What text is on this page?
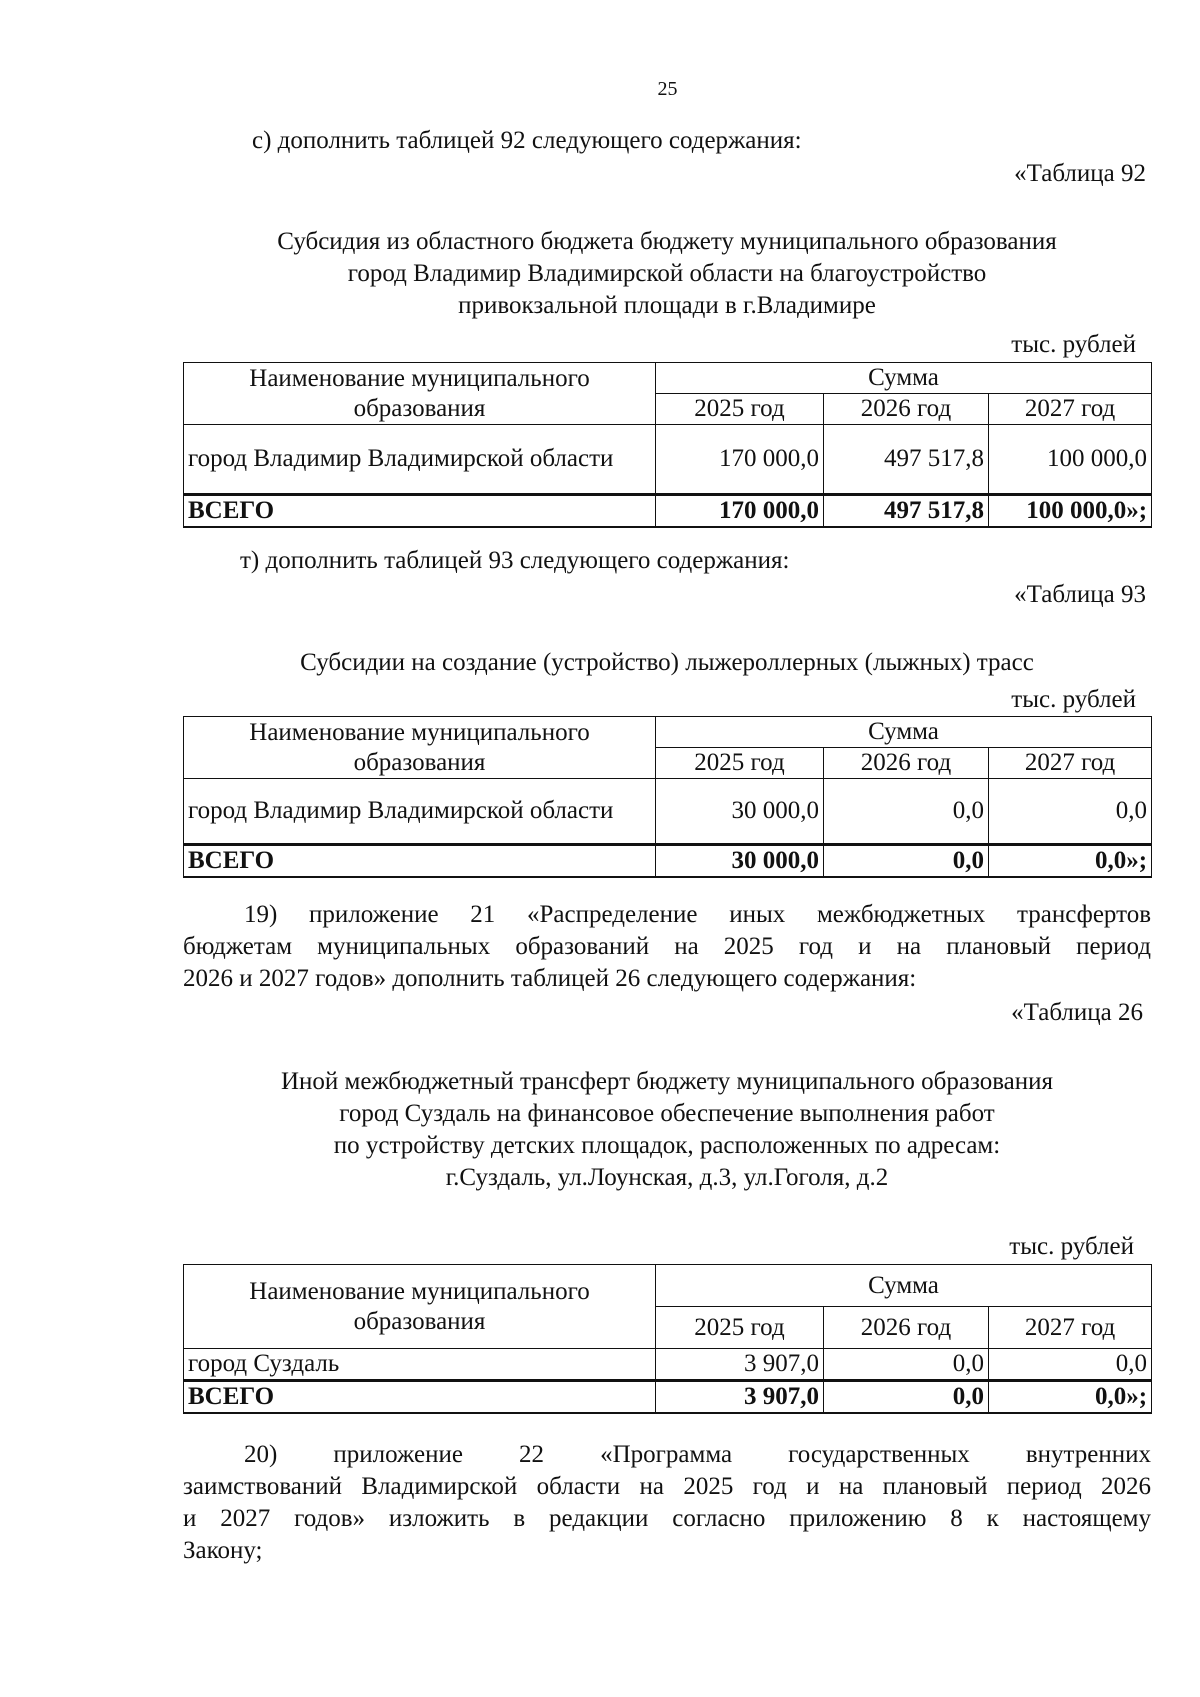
25
с) дополнить таблицей 92 следующего содержания:
«Таблица 92
Субсидия из областного бюджета бюджету муниципального образования
город Владимир Владимирской области на благоустройство
привокзальной площади в г.Владимире
тыс. рублей
Наименование муниципального образования	Сумма		
	2025 год	2026 год	2027 год
город Владимир Владимирской области	170 000,0	497 517,8	100 000,0
ВСЕГО	170 000,0	497 517,8	100 000,0»;
т) дополнить таблицей 93 следующего содержания:
«Таблица 93
Субсидии на создание (устройство) лыжероллерных (лыжных) трасс
тыс. рублей
Наименование муниципального образования	Сумма		
	2025 год	2026 год	2027 год
город Владимир Владимирской области	30 000,0	0,0	0,0
ВСЕГО	30 000,0	0,0	0,0»;
19) приложение 21 «Распределение иных межбюджетных трансфертов
бюджетам муниципальных образований на 2025 год и на плановый период
2026 и 2027 годов» дополнить таблицей 26 следующего содержания:
«Таблица 26
Иной межбюджетный трансферт бюджету муниципального образования
город Суздаль на финансовое обеспечение выполнения работ
по устройству детских площадок, расположенных по адресам:
г.Суздаль, ул.Лоунская, д.3, ул.Гоголя, д.2
тыс. рублей
Наименование муниципального образования	Сумма		
	2025 год	2026 год	2027 год
город Суздаль	3 907,0	0,0	0,0
ВСЕГО	3 907,0	0,0	0,0»;
20) приложение 22 «Программа государственных внутренних
заимствований Владимирской области на 2025 год и на плановый период 2026
и 2027 годов» изложить в редакции согласно приложению 8 к настоящему
Закону;
